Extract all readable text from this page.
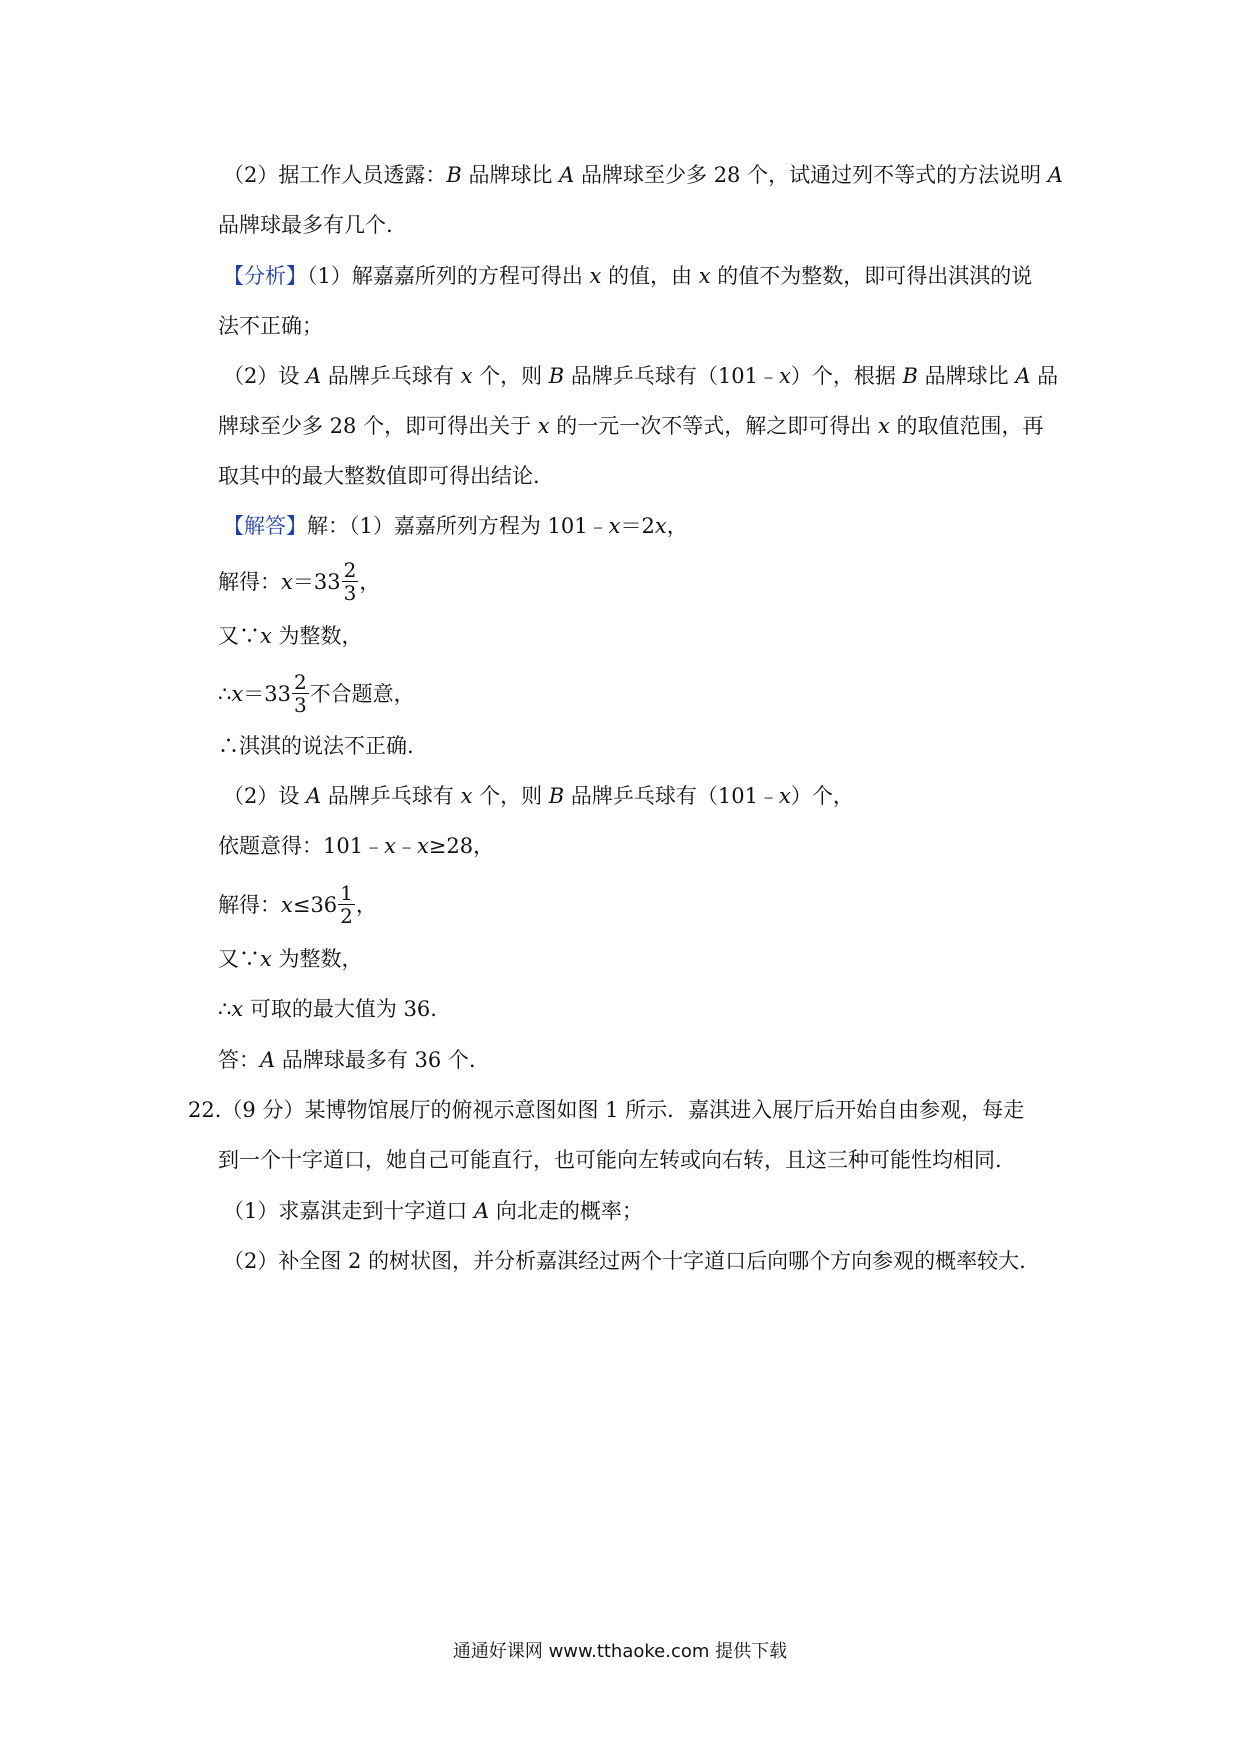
（2）据工作人员透露：B 品牌球比 A 品牌球至少多 28 个，试通过列不等式的方法说明 A
品牌球最多有几个.
【分析】（1）解嘉嘉所列的方程可得出 x 的值，由 x 的值不为整数，即可得出淇淇的说
法不正确；
（2）设 A 品牌乒乓球有 x 个，则 B 品牌乒乓球有（101﹣x）个，根据 B 品牌球比 A 品
牌球至少多 28 个，即可得出关于 x 的一元一次不等式，解之即可得出 x 的取值范围，再
取其中的最大整数值即可得出结论.
【解答】解：（1）嘉嘉所列方程为 101﹣x＝2x，
解得：$x=33 \frac{2}{3}$ ，
又∵x 为整数，
∴x＝33 $\frac{2}{3}$ 不合题意，
∴淇淇的说法不正确.
（2）设 A 品牌乒乓球有 x 个，则 B 品牌乒乓球有（101﹣x）个，
依题意得：101﹣x﹣x≥28，
解得：$x\le 36 \frac{1}{2}$ ，
又∵x 为整数，
∴x 可取的最大值为 36.
答：A 品牌球最多有 36 个.
22.（9 分）某博物馆展厅的俯视示意图如图 1 所示．嘉淇进入展厅后开始自由参观，每走
到一个十字道口，她自己可能直行，也可能向左转或向右转，且这三种可能性均相同.
（1）求嘉淇走到十字道口 A 向北走的概率；
（2）补全图 2 的树状图，并分析嘉淇经过两个十字道口后向哪个方向参观的概率较大.
通通好课网 www.tthaoke.com 提供下载
